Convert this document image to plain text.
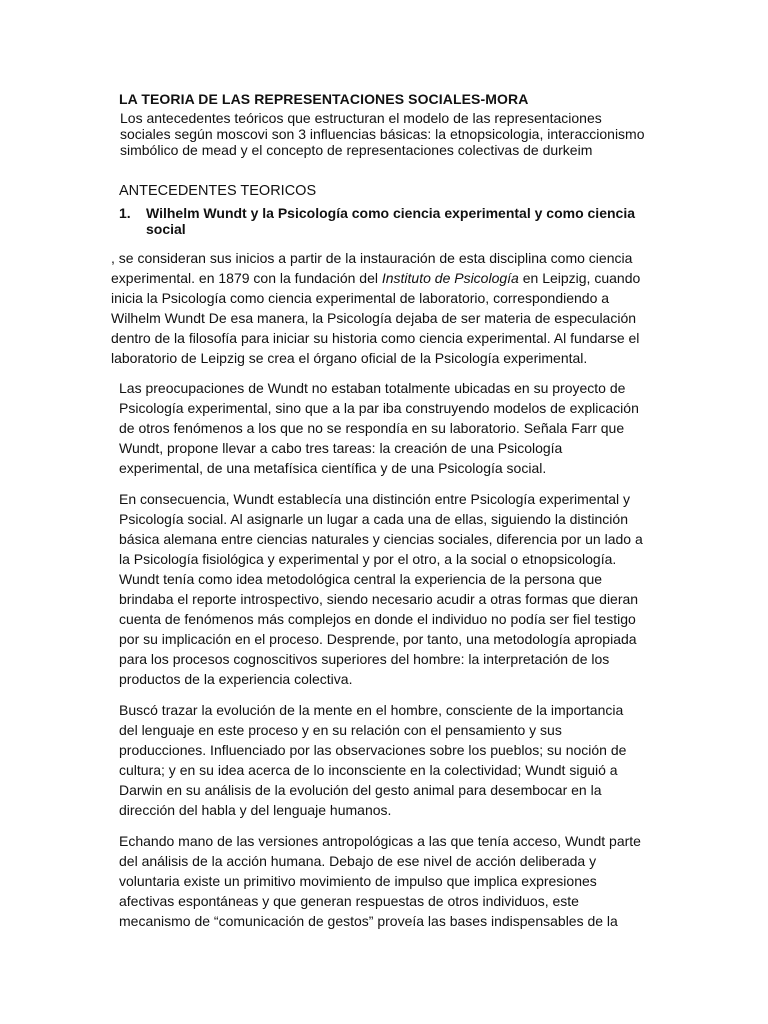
LA TEORIA DE LAS REPRESENTACIONES SOCIALES-MORA

Los antecedentes teóricos que estructuran el modelo de las representaciones
sociales según moscovi son 3 influencias básicas: la etnopsicologia, interaccionismo
simbólico de mead y el concepto de representaciones colectivas de durkeim

ANTECEDENTES TEORICOS
1.	Wilhelm Wundt y la Psicología como ciencia experimental y como ciencia social

, se consideran sus inicios a partir de la instauración de esta disciplina como ciencia
experimental. en 1879 con la fundación del Instituto de Psicología en Leipzig, cuando
inicia la Psicología como ciencia experimental de laboratorio, correspondiendo a
Wilhelm Wundt De esa manera, la Psicología dejaba de ser materia de especulación
dentro de la filosofía para iniciar su historia como ciencia experimental. Al fundarse el
laboratorio de Leipzig se crea el órgano oficial de la Psicología experimental.

Las preocupaciones de Wundt no estaban totalmente ubicadas en su proyecto de
Psicología experimental, sino que a la par iba construyendo modelos de explicación
de otros fenómenos a los que no se respondía en su laboratorio. Señala Farr que
Wundt, propone llevar a cabo tres tareas: la creación de una Psicología
experimental, de una metafísica científica y de una Psicología social.

En consecuencia, Wundt establecía una distinción entre Psicología experimental y
Psicología social. Al asignarle un lugar a cada una de ellas, siguiendo la distinción
básica alemana entre ciencias naturales y ciencias sociales, diferencia por un lado a
la Psicología fisiológica y experimental y por el otro, a la social o etnopsicología.
Wundt tenía como idea metodológica central la experiencia de la persona que
brindaba el reporte introspectivo, siendo necesario acudir a otras formas que dieran
cuenta de fenómenos más complejos en donde el individuo no podía ser fiel testigo
por su implicación en el proceso. Desprende, por tanto, una metodología apropiada
para los procesos cognoscitivos superiores del hombre: la interpretación de los
productos de la experiencia colectiva.

Buscó trazar la evolución de la mente en el hombre, consciente de la importancia
del lenguaje en este proceso y en su relación con el pensamiento y sus
producciones. Influenciado por las observaciones sobre los pueblos; su noción de
cultura; y en su idea acerca de lo inconsciente en la colectividad; Wundt siguió a
Darwin en su análisis de la evolución del gesto animal para desembocar en la
dirección del habla y del lenguaje humanos.

Echando mano de las versiones antropológicas a las que tenía acceso, Wundt parte
del análisis de la acción humana. Debajo de ese nivel de acción deliberada y
voluntaria existe un primitivo movimiento de impulso que implica expresiones
afectivas espontáneas y que generan respuestas de otros individuos, este
mecanismo de “comunicación de gestos” proveía las bases indispensables de la
